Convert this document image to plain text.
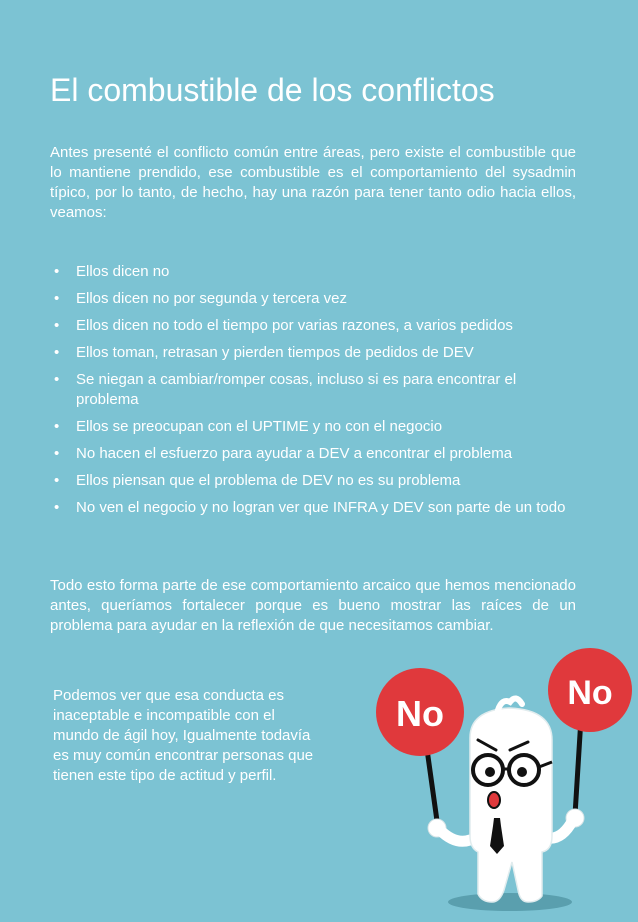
El combustible de los conflictos

Antes presenté el conflicto común entre áreas, pero existe el combustible que lo mantiene prendido, ese combustible es el comportamiento del sysadmin típico, por lo tanto, de hecho, hay una razón para tener tanto odio hacia ellos, veamos:

• Ellos dicen no
• Ellos dicen no por segunda y tercera vez
• Ellos dicen no todo el tiempo por varias razones, a varios pedidos
• Ellos toman, retrasan y pierden tiempos de pedidos de DEV
• Se niegan a cambiar/romper cosas, incluso si es para encontrar el problema
• Ellos se preocupan con el UPTIME y no con el negocio
• No hacen el esfuerzo para ayudar a DEV a encontrar el problema
• Ellos piensan que el problema de DEV no es su problema
• No ven el negocio y no logran ver que INFRA y DEV son parte de un todo

Todo esto forma parte de ese comportamiento arcaico que hemos mencionado antes, queríamos fortalecer porque es bueno mostrar las raíces de un problema para ayudar en la reflexión de que necesitamos cambiar.

Podemos ver que esa conducta es inaceptable e incompatible con el mundo de ágil hoy, Igualmente todavía es muy común encontrar personas que tienen este tipo de actitud y perfil.

No	No
